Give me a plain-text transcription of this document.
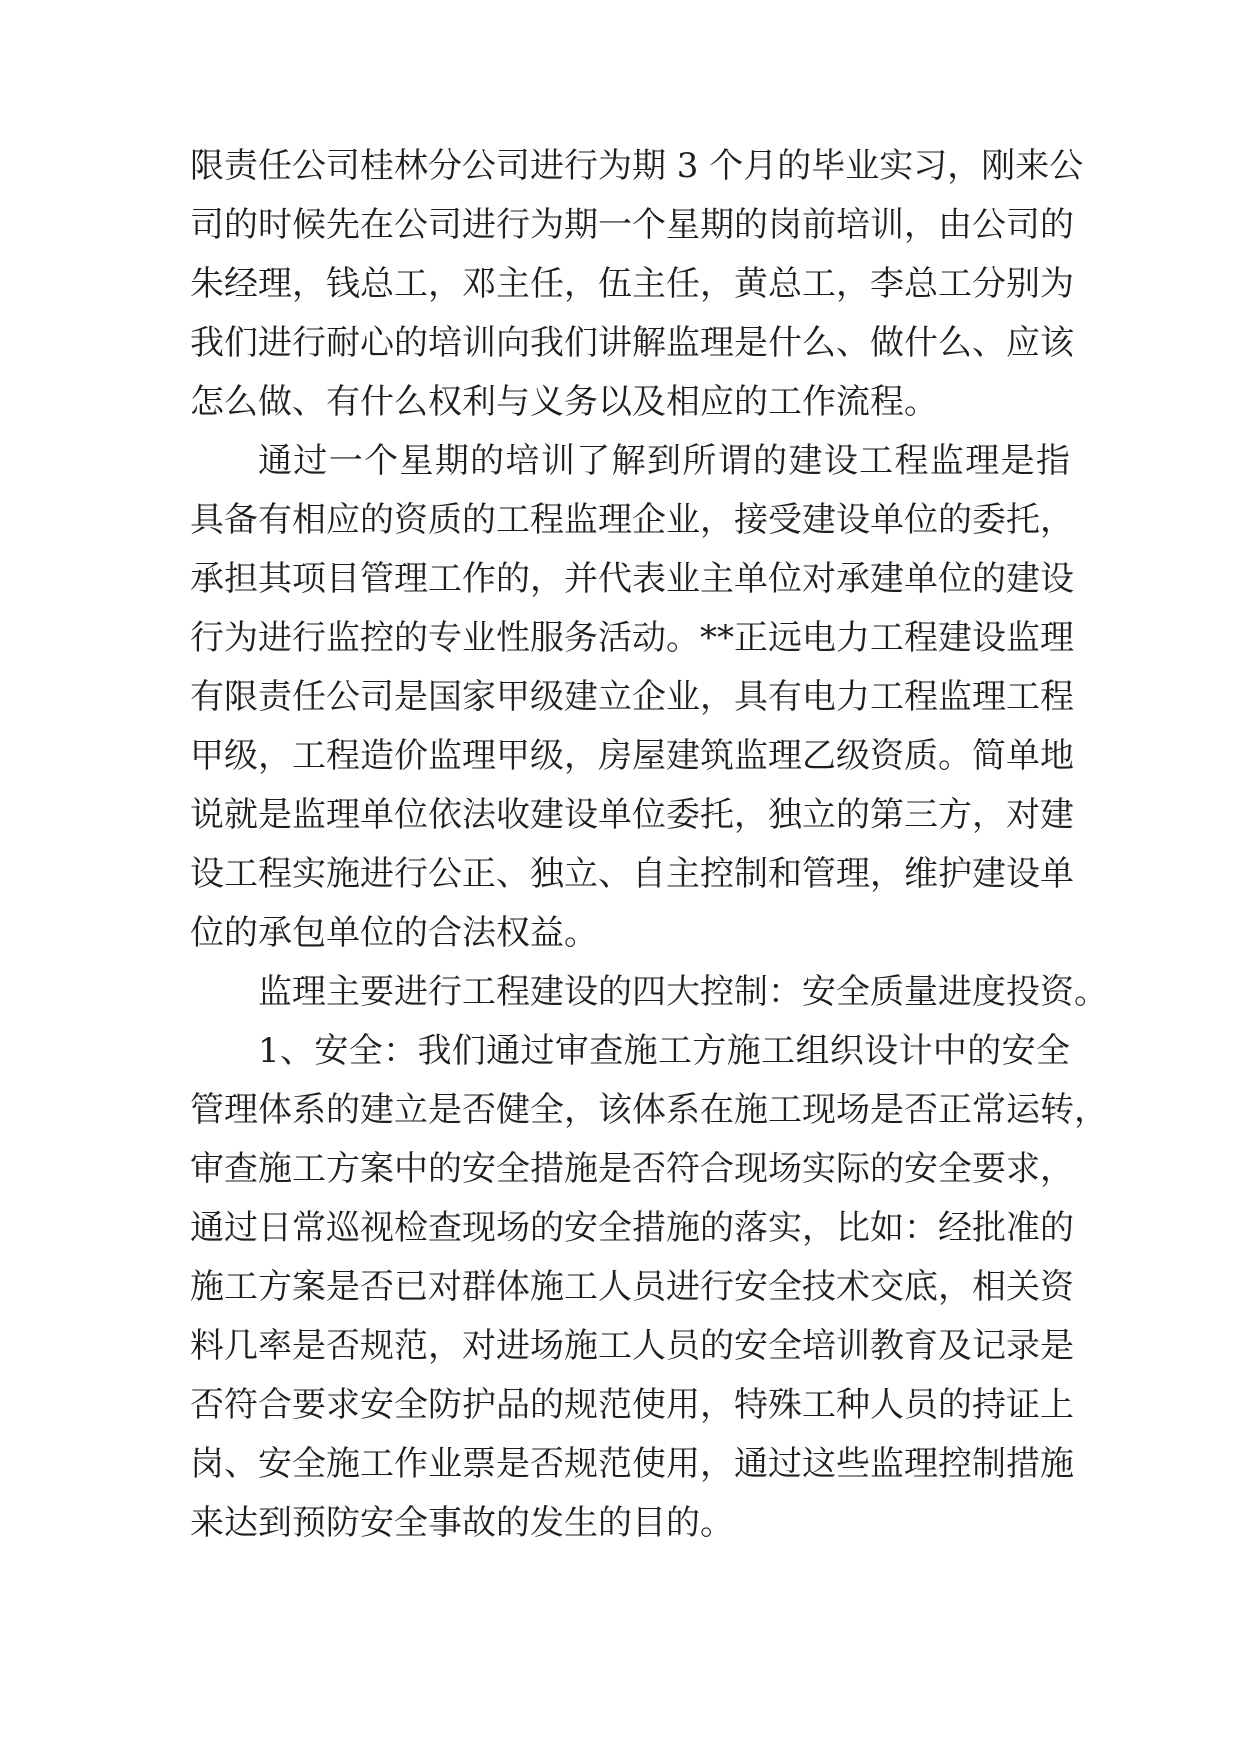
限责任公司桂林分公司进行为期 3 个月的毕业实习，刚来公
司的时候先在公司进行为期一个星期的岗前培训，由公司的
朱经理，钱总工，邓主任，伍主任，黄总工，李总工分别为
我们进行耐心的培训向我们讲解监理是什么、做什么、应该
怎么做、有什么权利与义务以及相应的工作流程。
通过一个星期的培训了解到所谓的建设工程监理是指
具备有相应的资质的工程监理企业，接受建设单位的委托，
承担其项目管理工作的，并代表业主单位对承建单位的建设
行为进行监控的专业性服务活动。**正远电力工程建设监理
有限责任公司是国家甲级建立企业，具有电力工程监理工程
甲级，工程造价监理甲级，房屋建筑监理乙级资质。简单地
说就是监理单位依法收建设单位委托，独立的第三方，对建
设工程实施进行公正、独立、自主控制和管理，维护建设单
位的承包单位的合法权益。
监理主要进行工程建设的四大控制：安全质量进度投资。
1、安全：我们通过审查施工方施工组织设计中的安全
管理体系的建立是否健全，该体系在施工现场是否正常运转，
审查施工方案中的安全措施是否符合现场实际的安全要求，
通过日常巡视检查现场的安全措施的落实，比如：经批准的
施工方案是否已对群体施工人员进行安全技术交底，相关资
料几率是否规范，对进场施工人员的安全培训教育及记录是
否符合要求安全防护品的规范使用，特殊工种人员的持证上
岗、安全施工作业票是否规范使用，通过这些监理控制措施
来达到预防安全事故的发生的目的。
